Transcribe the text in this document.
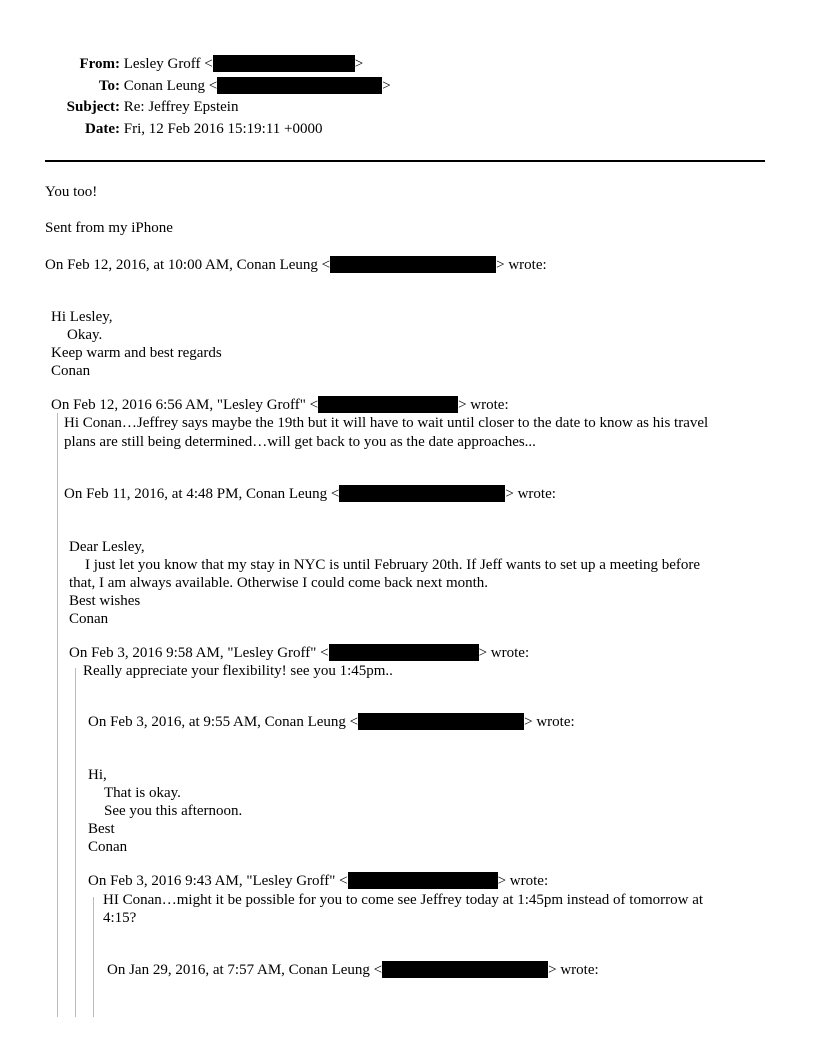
From: Lesley Groff <	>
To: Conan Leung <	>
Subject: Re: Jeffrey Epstein
Date: Fri, 12 Feb 2016 15:19:11 +0000
You too!
Sent from my iPhone
On Feb 12, 2016, at 10:00 AM, Conan Leung <	> wrote:
Hi Lesley,
Okay.
Keep warm and best regards
Conan
On Feb 12, 2016 6:56 AM, "Lesley Groff" <	> wrote:
Hi Conan…Jeffrey says maybe the 19th but it will have to wait until closer to the date to know as his travel
plans are still being determined…will get back to you as the date approaches...
On Feb 11, 2016, at 4:48 PM, Conan Leung <	> wrote:
Dear Lesley,
I just let you know that my stay in NYC is until February 20th. If Jeff wants to set up a meeting before
that, I am always available. Otherwise I could come back next month.
Best wishes
Conan
On Feb 3, 2016 9:58 AM, "Lesley Groff" <	> wrote:
Really appreciate your flexibility! see you 1:45pm..
On Feb 3, 2016, at 9:55 AM, Conan Leung <	> wrote:
Hi,
That is okay.
See you this afternoon.
Best
Conan
On Feb 3, 2016 9:43 AM, "Lesley Groff" <	> wrote:
HI Conan…might it be possible for you to come see Jeffrey today at 1:45pm instead of tomorrow at
4:15?
On Jan 29, 2016, at 7:57 AM, Conan Leung <	> wrote:
